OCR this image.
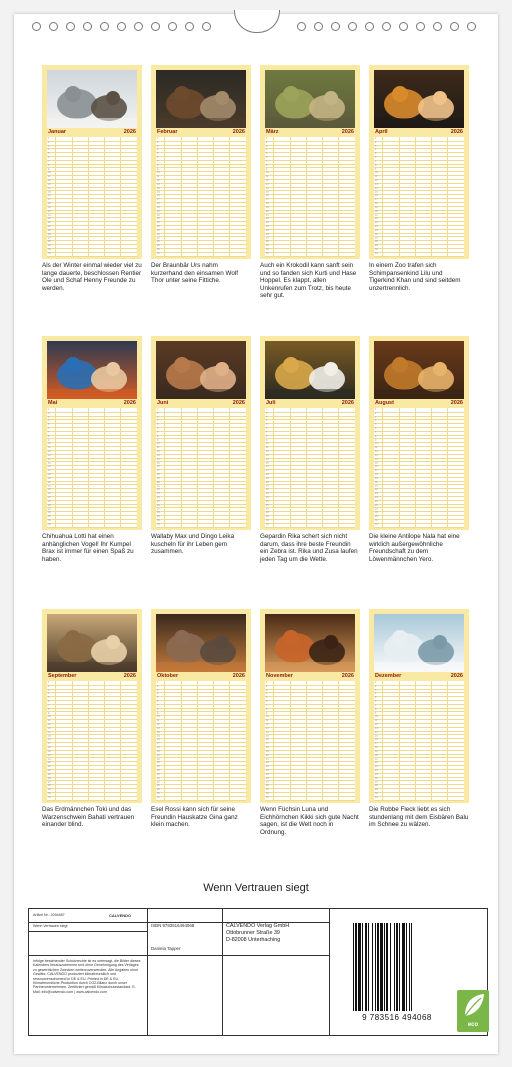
Januar	2026
1
2
3
4
5
6
7
8
9
10
11
12
13
14
15
16
17
18
19
20
21
22
23
24
25
26
27
28
29
30
31
Als der Winter einmal wieder viel zu lange dauerte, beschlossen Rentier Ole und Schaf Henny Freunde zu werden.
Februar	2026
1
2
3
4
5
6
7
8
9
10
11
12
13
14
15
16
17
18
19
20
21
22
23
24
25
26
27
28
29
30
31
Der Braunbär Urs nahm kurzerhand den einsamen Wolf Thor unter seine Fittiche.
März	2026
1
2
3
4
5
6
7
8
9
10
11
12
13
14
15
16
17
18
19
20
21
22
23
24
25
26
27
28
29
30
31
Auch ein Krokodil kann sanft sein und so fanden sich Kurti und Hase Hoppel. Es klappt, allen Unkenrufen zum Trotz, bis heute sehr gut.
April	2026
1
2
3
4
5
6
7
8
9
10
11
12
13
14
15
16
17
18
19
20
21
22
23
24
25
26
27
28
29
30
31
In einem Zoo trafen sich Schimpansenkind Lilu und Tigerkind Khan und sind seitdem unzertrennlich.
Mai	2026
1
2
3
4
5
6
7
8
9
10
11
12
13
14
15
16
17
18
19
20
21
22
23
24
25
26
27
28
29
30
31
Chihuahua Lotti hat einen anhänglichen Vogel! Ihr Kumpel Brax ist immer für einen Spaß zu haben.
Juni	2026
1
2
3
4
5
6
7
8
9
10
11
12
13
14
15
16
17
18
19
20
21
22
23
24
25
26
27
28
29
30
31
Wallaby Max und Dingo Leika kuscheln für ihr Leben gern zusammen.
Juli	2026
1
2
3
4
5
6
7
8
9
10
11
12
13
14
15
16
17
18
19
20
21
22
23
24
25
26
27
28
29
30
31
Gepardin Rika schert sich nicht darum, dass ihre beste Freundin ein Zebra ist. Rika und Zusa laufen jeden Tag um die Wette.
August	2026
1
2
3
4
5
6
7
8
9
10
11
12
13
14
15
16
17
18
19
20
21
22
23
24
25
26
27
28
29
30
31
Die kleine Antilope Nala hat eine wirklich außergewöhnliche Freundschaft zu dem Löwenmännchen Yero.
September	2026
1
2
3
4
5
6
7
8
9
10
11
12
13
14
15
16
17
18
19
20
21
22
23
24
25
26
27
28
29
30
31
Das Erdmännchen Toki und das Warzenschwein Bahati vertrauen einander blind.
Oktober	2026
1
2
3
4
5
6
7
8
9
10
11
12
13
14
15
16
17
18
19
20
21
22
23
24
25
26
27
28
29
30
31
Esel Rossi kann sich für seine Freundin Hauskatze Gina ganz klein machen.
November	2026
1
2
3
4
5
6
7
8
9
10
11
12
13
14
15
16
17
18
19
20
21
22
23
24
25
26
27
28
29
30
31
Wenn Füchsin Luna und Eichhörnchen Kikki sich gute Nacht sagen, ist die Welt noch in Ordnung.
Dezember	2026
1
2
3
4
5
6
7
8
9
10
11
12
13
14
15
16
17
18
19
20
21
22
23
24
25
26
27
28
29
30
31
Die Robbe Fleck liebt es sich stundenlang mit dem Eisbären Balu im Schnee zu wälzen.
Wenn Vertrauen siegt
Artikel Nr.: 2094487	CALVENDO
Wenn Vertrauen siegt
Infolge bestehender Schutzrechte ist es untersagt, die Bilder dieses Kalenders herauszutrennen und ohne Genehmigung des Verlages zu gewerblichen Zwecken weiterzuverwenden. Alle Angaben ohne Gewähr. CALVENDO produziert klimafreundlich und ressourcenschonend in DE & EU. Printed in DE & EU. Klimafreundliche Produktion durch CO2-Bilanz durch unser Partnerunternehmen. Zertifiziert gemäß Klimaschutzstandard. E-Mail: info@calvendo.com | www.calvendo.com
ISBN 9783516494068
Daniela Tapper
CALVENDO Verlag GmbH
Ottobrunner Straße 39
D-82008 Unterhaching
9 783516 494068
eco
